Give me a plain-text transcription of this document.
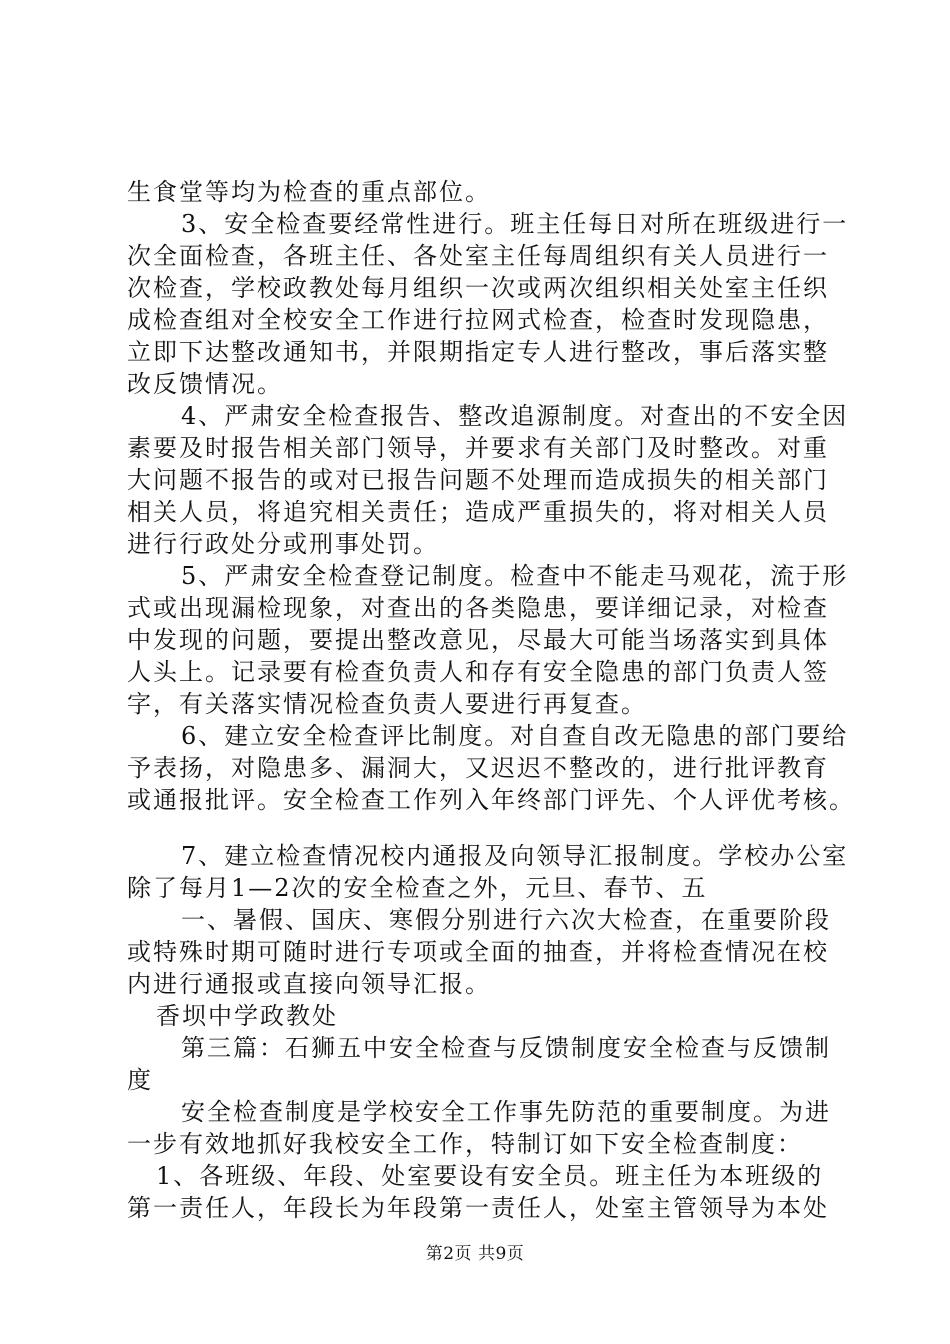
生食堂等均为检查的重点部位。
3、安全检查要经常性进行。班主任每日对所在班级进行一
次全面检查，各班主任、各处室主任每周组织有关人员进行一
次检查，学校政教处每月组织一次或两次组织相关处室主任织
成检查组对全校安全工作进行拉网式检查，检查时发现隐患，
立即下达整改通知书，并限期指定专人进行整改，事后落实整
改反馈情况。
4、严肃安全检查报告、整改追源制度。对查出的不安全因
素要及时报告相关部门领导，并要求有关部门及时整改。对重
大问题不报告的或对已报告问题不处理而造成损失的相关部门
相关人员，将追究相关责任；造成严重损失的，将对相关人员
进行行政处分或刑事处罚。
5、严肃安全检查登记制度。检查中不能走马观花，流于形
式或出现漏检现象，对查出的各类隐患，要详细记录，对检查
中发现的问题，要提出整改意见，尽最大可能当场落实到具体
人头上。记录要有检查负责人和存有安全隐患的部门负责人签
字，有关落实情况检查负责人要进行再复查。
6、建立安全检查评比制度。对自查自改无隐患的部门要给
予表扬，对隐患多、漏洞大，又迟迟不整改的，进行批评教育
或通报批评。安全检查工作列入年终部门评先、个人评优考核。
7、建立检查情况校内通报及向领导汇报制度。学校办公室
除了每月1—2次的安全检查之外，元旦、春节、五
一、暑假、国庆、寒假分别进行六次大检查，在重要阶段
或特殊时期可随时进行专项或全面的抽查，并将检查情况在校
内进行通报或直接向领导汇报。
香坝中学政教处
第三篇：石狮五中安全检查与反馈制度安全检查与反馈制
度
安全检查制度是学校安全工作事先防范的重要制度。为进
一步有效地抓好我校安全工作，特制订如下安全检查制度：
1、各班级、年段、处室要设有安全员。班主任为本班级的
第一责任人，年段长为年段第一责任人，处室主管领导为本处
第2页 共9页
